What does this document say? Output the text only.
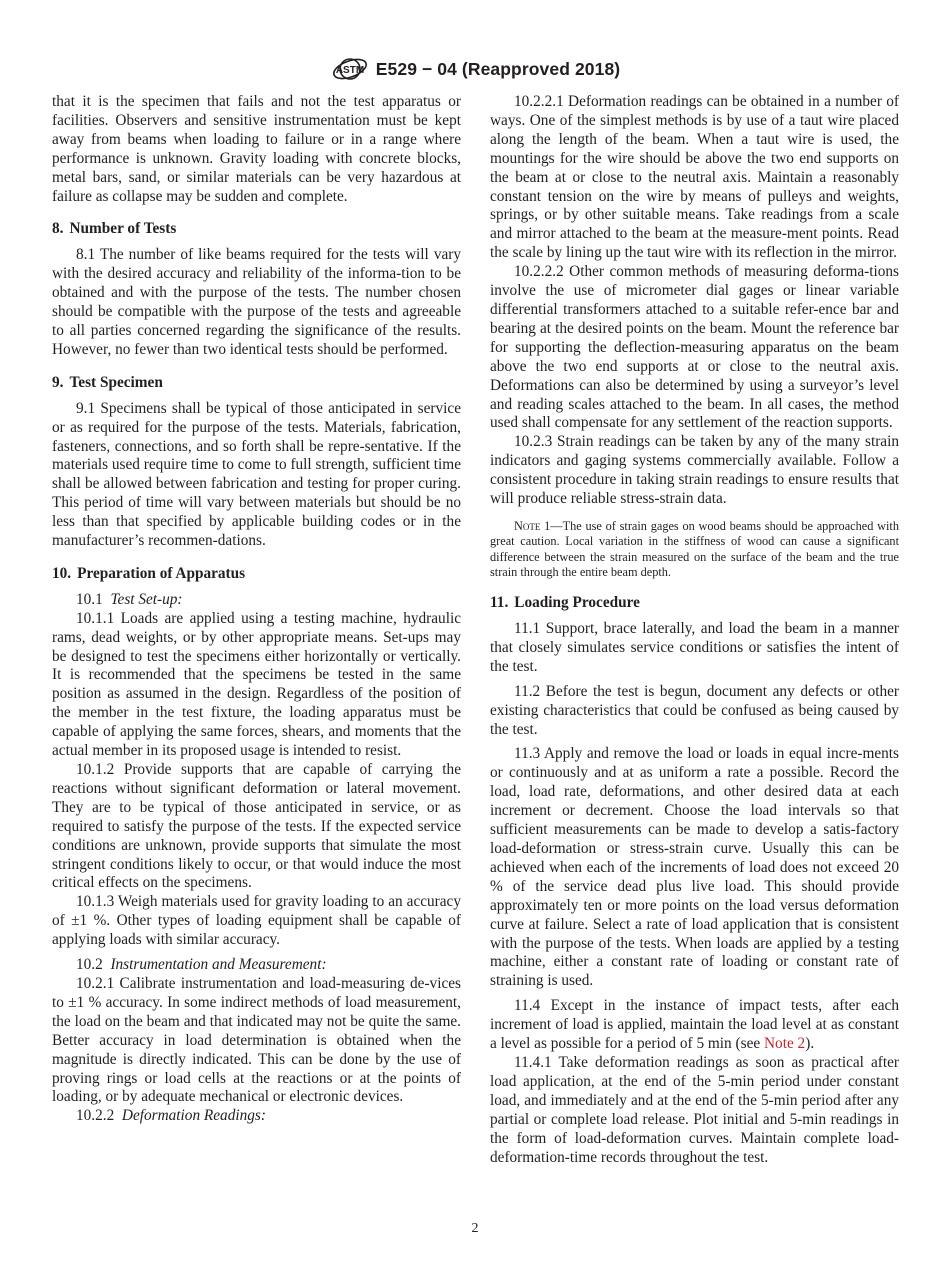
ASTM E529 − 04 (Reapproved 2018)

that it is the specimen that fails and not the test apparatus or facilities. Observers and sensitive instrumentation must be kept away from beams when loading to failure or in a range where performance is unknown. Gravity loading with concrete blocks, metal bars, sand, or similar materials can be very hazardous at failure as collapse may be sudden and complete.

8. Number of Tests

8.1 The number of like beams required for the tests will vary with the desired accuracy and reliability of the informa-tion to be obtained and with the purpose of the tests. The number chosen should be compatible with the purpose of the tests and agreeable to all parties concerned regarding the significance of the results. However, no fewer than two identical tests should be performed.

9. Test Specimen

9.1 Specimens shall be typical of those anticipated in service or as required for the purpose of the tests. Materials, fabrication, fasteners, connections, and so forth shall be repre-sentative. If the materials used require time to come to full strength, sufficient time shall be allowed between fabrication and testing for proper curing. This period of time will vary between materials but should be no less than that specified by applicable building codes or in the manufacturer’s recommen-dations.

10. Preparation of Apparatus

10.1 Test Set-up:

10.1.1 Loads are applied using a testing machine, hydraulic rams, dead weights, or by other appropriate means. Set-ups may be designed to test the specimens either horizontally or vertically. It is recommended that the specimens be tested in the same position as assumed in the design. Regardless of the position of the member in the test fixture, the loading apparatus must be capable of applying the same forces, shears, and moments that the actual member in its proposed usage is intended to resist.

10.1.2 Provide supports that are capable of carrying the reactions without significant deformation or lateral movement. They are to be typical of those anticipated in service, or as required to satisfy the purpose of the tests. If the expected service conditions are unknown, provide supports that simulate the most stringent conditions likely to occur, or that would induce the most critical effects on the specimens.

10.1.3 Weigh materials used for gravity loading to an accuracy of ±1 %. Other types of loading equipment shall be capable of applying loads with similar accuracy.

10.2 Instrumentation and Measurement:

10.2.1 Calibrate instrumentation and load-measuring de-vices to ±1 % accuracy. In some indirect methods of load measurement, the load on the beam and that indicated may not be quite the same. Better accuracy in load determination is obtained when the magnitude is directly indicated. This can be done by the use of proving rings or load cells at the reactions or at the points of loading, or by adequate mechanical or electronic devices.

10.2.2 Deformation Readings:

10.2.2.1 Deformation readings can be obtained in a number of ways. One of the simplest methods is by use of a taut wire placed along the length of the beam. When a taut wire is used, the mountings for the wire should be above the two end supports on the beam at or close to the neutral axis. Maintain a reasonably constant tension on the wire by means of pulleys and weights, springs, or by other suitable means. Take readings from a scale and mirror attached to the beam at the measure-ment points. Read the scale by lining up the taut wire with its reflection in the mirror.

10.2.2.2 Other common methods of measuring deforma-tions involve the use of micrometer dial gages or linear variable differential transformers attached to a suitable refer-ence bar and bearing at the desired points on the beam. Mount the reference bar for supporting the deflection-measuring apparatus on the beam above the two end supports at or close to the neutral axis. Deformations can also be determined by using a surveyor’s level and reading scales attached to the beam. In all cases, the method used shall compensate for any settlement of the reaction supports.

10.2.3 Strain readings can be taken by any of the many strain indicators and gaging systems commercially available. Follow a consistent procedure in taking strain readings to ensure results that will produce reliable stress-strain data.

Note 1—The use of strain gages on wood beams should be approached with great caution. Local variation in the stiffness of wood can cause a significant difference between the strain measured on the surface of the beam and the true strain through the entire beam depth.

11. Loading Procedure

11.1 Support, brace laterally, and load the beam in a manner that closely simulates service conditions or satisfies the intent of the test.

11.2 Before the test is begun, document any defects or other existing characteristics that could be confused as being caused by the test.

11.3 Apply and remove the load or loads in equal incre-ments or continuously and at as uniform a rate a possible. Record the load, load rate, deformations, and other desired data at each increment or decrement. Choose the load intervals so that sufficient measurements can be made to develop a satis-factory load-deformation or stress-strain curve. Usually this can be achieved when each of the increments of load does not exceed 20 % of the service dead plus live load. This should provide approximately ten or more points on the load versus deformation curve at failure. Select a rate of load application that is consistent with the purpose of the tests. When loads are applied by a testing machine, either a constant rate of loading or constant rate of straining is used.

11.4 Except in the instance of impact tests, after each increment of load is applied, maintain the load level at as constant a level as possible for a period of 5 min (see Note 2).

11.4.1 Take deformation readings as soon as practical after load application, at the end of the 5-min period under constant load, and immediately and at the end of the 5-min period after any partial or complete load release. Plot initial and 5-min readings in the form of load-deformation curves. Maintain complete load-deformation-time records throughout the test.

2
